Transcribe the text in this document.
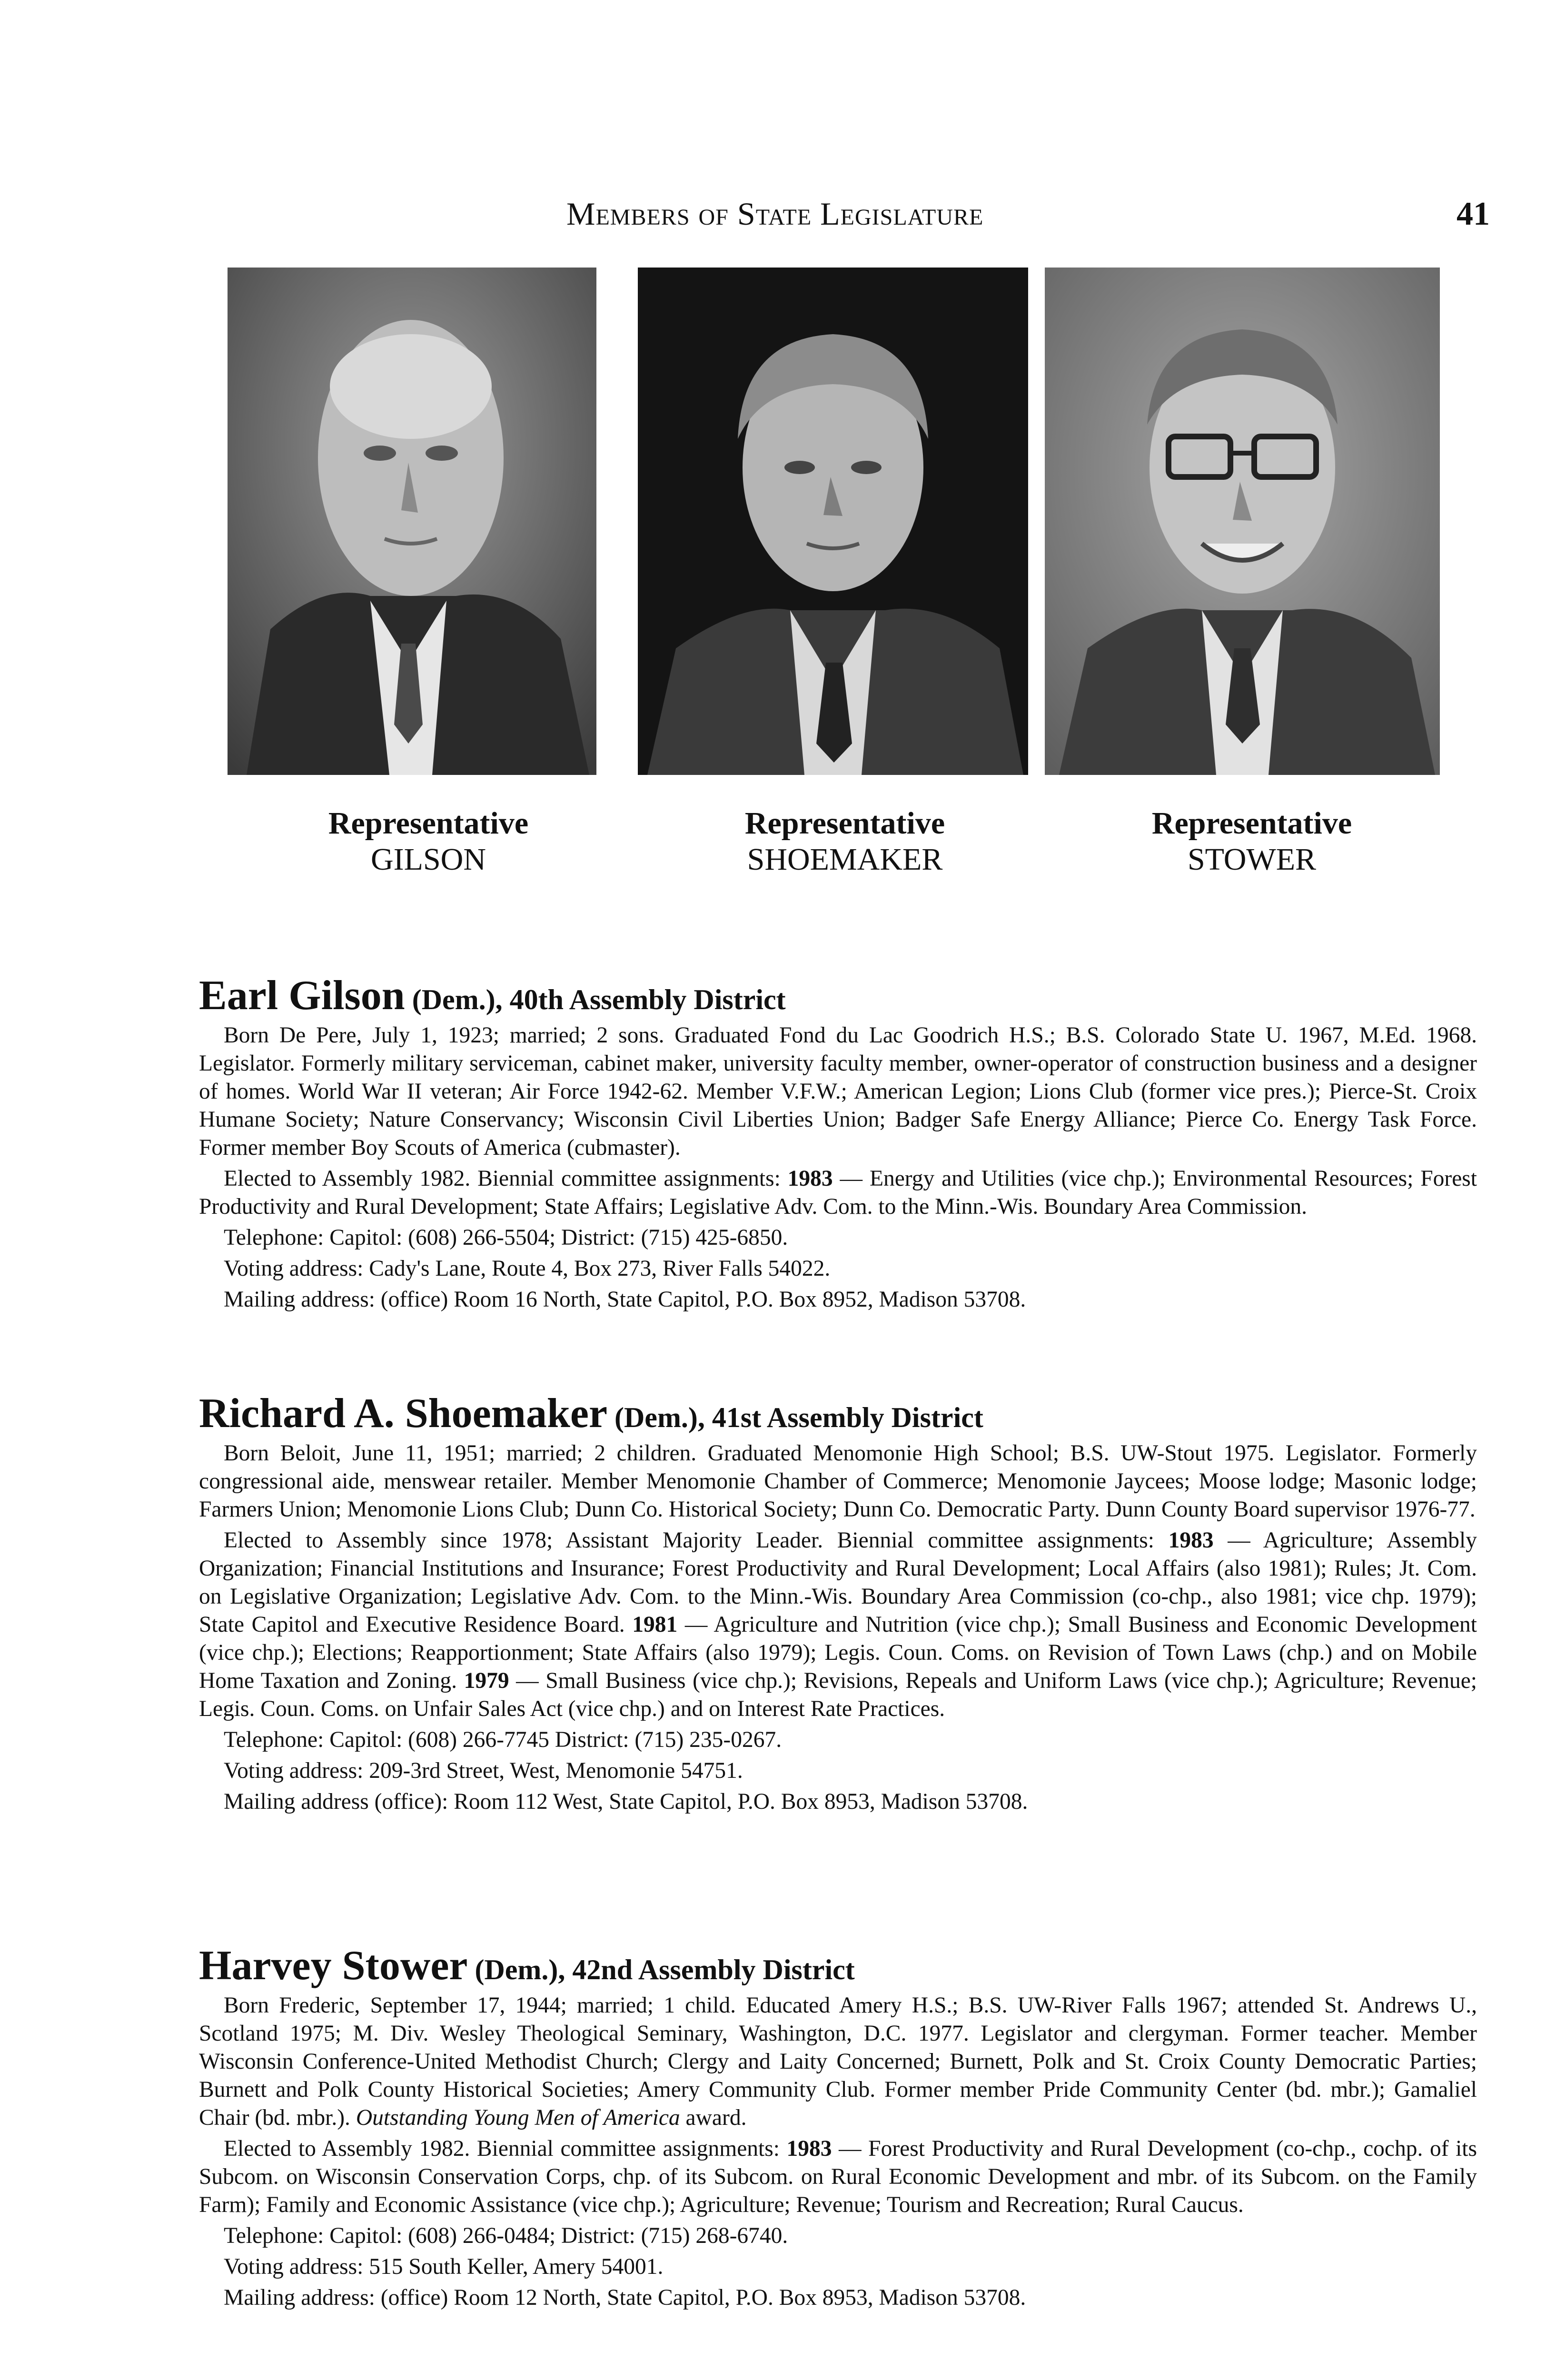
Members of State Legislature	41
Representative
GILSON
Representative
SHOEMAKER
Representative
STOWER
Earl Gilson (Dem.), 40th Assembly District

Born De Pere, July 1, 1923; married; 2 sons. Graduated Fond du Lac Goodrich H.S.; B.S. Colorado State U. 1967, M.Ed. 1968. Legislator. Formerly military serviceman, cabinet maker, university faculty member, owner-operator of construction business and a designer of homes. World War II veteran; Air Force 1942-62. Member V.F.W.; American Legion; Lions Club (former vice pres.); Pierce-St. Croix Humane Society; Nature Conservancy; Wisconsin Civil Liberties Union; Badger Safe Energy Alliance; Pierce Co. Energy Task Force. Former member Boy Scouts of America (cubmaster).

Elected to Assembly 1982. Biennial committee assignments: 1983 — Energy and Utilities (vice chp.); Environmental Resources; Forest Productivity and Rural Development; State Affairs; Legislative Adv. Com. to the Minn.-Wis. Boundary Area Commission.

Telephone: Capitol: (608) 266-5504; District: (715) 425-6850.

Voting address: Cady's Lane, Route 4, Box 273, River Falls 54022.

Mailing address: (office) Room 16 North, State Capitol, P.O. Box 8952, Madison 53708.

Richard A. Shoemaker (Dem.), 41st Assembly District

Born Beloit, June 11, 1951; married; 2 children. Graduated Menomonie High School; B.S. UW-Stout 1975. Legislator. Formerly congressional aide, menswear retailer. Member Menomonie Chamber of Commerce; Menomonie Jaycees; Moose lodge; Masonic lodge; Farmers Union; Menomonie Lions Club; Dunn Co. Historical Society; Dunn Co. Democratic Party. Dunn County Board supervisor 1976-77.

Elected to Assembly since 1978; Assistant Majority Leader. Biennial committee assignments: 1983 — Agriculture; Assembly Organization; Financial Institutions and Insurance; Forest Productivity and Rural Development; Local Affairs (also 1981); Rules; Jt. Com. on Legislative Organization; Legislative Adv. Com. to the Minn.-Wis. Boundary Area Commission (co-chp., also 1981; vice chp. 1979); State Capitol and Executive Residence Board. 1981 — Agriculture and Nutrition (vice chp.); Small Business and Economic Development (vice chp.); Elections; Reapportionment; State Affairs (also 1979); Legis. Coun. Coms. on Revision of Town Laws (chp.) and on Mobile Home Taxation and Zoning. 1979 — Small Business (vice chp.); Revisions, Repeals and Uniform Laws (vice chp.); Agriculture; Revenue; Legis. Coun. Coms. on Unfair Sales Act (vice chp.) and on Interest Rate Practices.

Telephone: Capitol: (608) 266-7745 District: (715) 235-0267.

Voting address: 209-3rd Street, West, Menomonie 54751.

Mailing address (office): Room 112 West, State Capitol, P.O. Box 8953, Madison 53708.

Harvey Stower (Dem.), 42nd Assembly District

Born Frederic, September 17, 1944; married; 1 child. Educated Amery H.S.; B.S. UW-River Falls 1967; attended St. Andrews U., Scotland 1975; M. Div. Wesley Theological Seminary, Washington, D.C. 1977. Legislator and clergyman. Former teacher. Member Wisconsin Conference-United Methodist Church; Clergy and Laity Concerned; Burnett, Polk and St. Croix County Democratic Parties; Burnett and Polk County Historical Societies; Amery Community Club. Former member Pride Community Center (bd. mbr.); Gamaliel Chair (bd. mbr.). Outstanding Young Men of America award.

Elected to Assembly 1982. Biennial committee assignments: 1983 — Forest Productivity and Rural Development (co-chp., cochp. of its Subcom. on Wisconsin Conservation Corps, chp. of its Subcom. on Rural Economic Development and mbr. of its Subcom. on the Family Farm); Family and Economic Assistance (vice chp.); Agriculture; Revenue; Tourism and Recreation; Rural Caucus.

Telephone: Capitol: (608) 266-0484; District: (715) 268-6740.

Voting address: 515 South Keller, Amery 54001.

Mailing address: (office) Room 12 North, State Capitol, P.O. Box 8953, Madison 53708.
